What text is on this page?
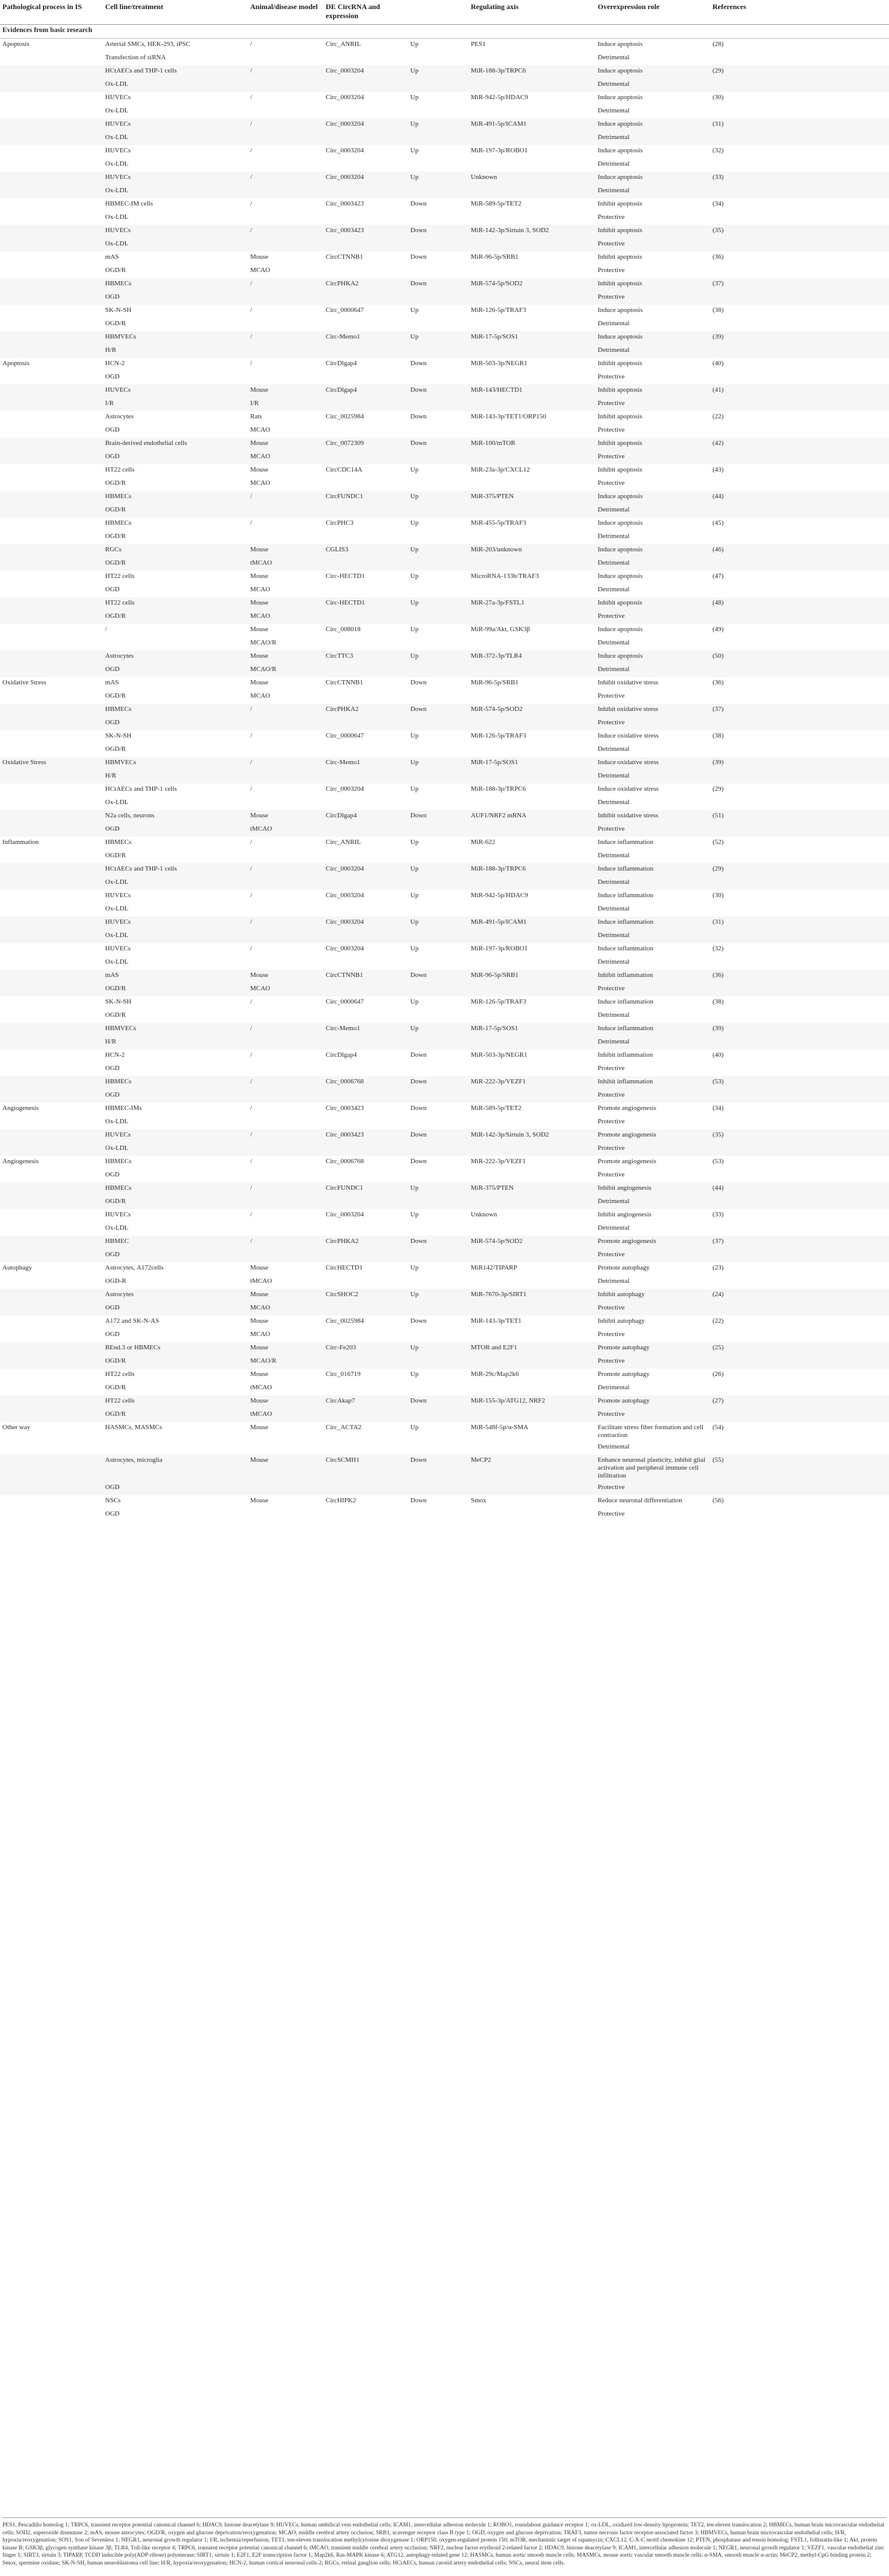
Pathological process in IS	Cell line/treatment	Animal/disease model	DE CircRNA and expression		Regulating axis	Overexpression role	References
Evidences from basic research							
Apoptosis	Arterial SMCs, HEK-293, iPSC	/	Circ_ANRIL	Up	PES1	Induce apoptosis	(28)
	Transfection of siRNA					Detrimental	
	HCtAECs and THP-1 cells	/	Circ_0003204	Up	MiR-188-3p/TRPC6	Induce apoptosis	(29)
	Ox-LDL					Detrimental	
	HUVECs	/	Circ_0003204	Up	MiR-942-5p/HDAC9	Induce apoptosis	(30)
	Ox-LDL					Detrimental	
	HUVECs	/	Circ_0003204	Up	MiR-491-5p/ICAM1	Induce apoptosis	(31)
	Ox-LDL					Detrimental	
	HUVECs	/	Circ_0003204	Up	MiR-197-3p/ROBO1	Induce apoptosis	(32)
	Ox-LDL					Detrimental	
	HUVECs	/	Circ_0003204	Up	Unknown	Induce apoptosis	(33)
	Ox-LDL					Detrimental	
	HBMEC-IM cells	/	Circ_0003423	Down	MiR-589-5p/TET2	Inhibit apoptosis	(34)
	Ox-LDL					Protective	
	HUVECs	/	Circ_0003423	Down	MiR-142-3p/Sirtuin 3, SOD2	Inhibit apoptosis	(35)
	Ox-LDL					Protective	
	mAS	Mouse	CircCTNNB1	Down	MiR-96-5p/SRB1	Inhibit apoptosis	(36)
	OGD/R	MCAO				Protective	
	HBMECs	/	CircPHKA2	Down	MiR-574-5p/SOD2	Inhibit apoptosis	(37)
	OGD					Protective	
	SK-N-SH	/	Circ_0000647	Up	MiR-126-5p/TRAF3	Induce apoptosis	(38)
	OGD/R					Detrimental	
	HBMVECs	/	Circ-Memo1	Up	MiR-17-5p/SOS1	Induce apoptosis	(39)
	H/R					Detrimental	
Apoptosis	HCN-2	/	CircDlgap4	Down	MiR-503-3p/NEGR1	Inhibit apoptosis	(40)
	OGD					Protective	
	HUVECs	Mouse	CircDlgap4	Down	MiR-143/HECTD1	Inhibit apoptosis	(41)
	I/R	I/R				Protective	
	Astrocytes	Rats	Circ_0025984	Down	MiR-143-3p/TET1/ORP150	Inhibit apoptosis	(22)
	OGD	MCAO				Protective	
	Brain-derived endothelial cells	Mouse	Circ_0072309	Down	MiR-100/mTOR	Inhibit apoptosis	(42)
	OGD	MCAO				Protective	
	HT22 cells	Mouse	CircCDC14A	Up	MiR-23a-3p/CXCL12	Inhibit apoptosis	(43)
	OGD/R	MCAO				Protective	
	HBMECs	/	CircFUNDC1	Up	MiR-375/PTEN	Induce apoptosis	(44)
	OGD/R					Detrimental	
	HBMECs	/	CircPHC3	Up	MiR-455-5p/TRAF3	Induce apoptosis	(45)
	OGD/R					Detrimental	
	RGCs	Mouse	CGLIS3	Up	MiR-203/unknown	Induce apoptosis	(46)
	OGD/R	tMCAO				Detrimental	
	HT22 cells	Mouse	Circ-HECTD1	Up	MicroRNA-133b/TRAF3	Induce apoptosis	(47)
	OGD	MCAO				Detrimental	
	HT22 cells	Mouse	Circ-HECTD1	Up	MiR-27a-3p/FSTL1	Inhibit apoptosis	(48)
	OGD/R	MCAO				Protective	
	/	Mouse	Circ_008018	Up	MiR-99a/Akt, GSK3β	Induce apoptosis	(49)
		MCAO/R				Detrimental	
	Astrocytes	Mouse	CircTTC3	Up	MiR-372-3p/TLR4	Induce apoptosis	(50)
	OGD	MCAO/R				Detrimental	
Oxidative Stress	mAS	Mouse	CircCTNNB1	Down	MiR-96-5p/SRB1	Inhibit oxidative stress	(36)
	OGD/R	MCAO				Protective	
	HBMECs	/	CircPHKA2	Down	MiR-574-5p/SOD2	Inhibit oxidative stress	(37)
	OGD					Protective	
	SK-N-SH	/	Circ_0000647	Up	MiR-126-5p/TRAF3	Induce oxidative stress	(38)
	OGD/R					Detrimental	
Oxidative Stress	HBMVECs	/	Circ-Memo1	Up	MiR-17-5p/SOS1	Induce oxidative stress	(39)
	H/R					Detrimental	
	HCtAECs and THP-1 cells	/	Circ_0003204	Up	MiR-188-3p/TRPC6	Induce oxidative stress	(29)
	Ox-LDL					Detrimental	
	N2a cells, neurons	Mouse	CircDlgap4	Down	AUF1/NRF2 mRNA	Inhibit oxidative stress	(51)
	OGD	tMCAO				Protective	
Inflammation	HBMECs	/	Circ_ANRIL	Up	MiR-622	Induce inflammation	(52)
	OGD/R					Detrimental	
	HCtAECs and THP-1 cells	/	Circ_0003204	Up	MiR-188-3p/TRPC6	Induce inflammation	(29)
	Ox-LDL					Detrimental	
	HUVECs	/	Circ_0003204	Up	MiR-942-5p/HDAC9	Induce inflammation	(30)
	Ox-LDL					Detrimental	
	HUVECs	/	Circ_0003204	Up	MiR-491-5p/ICAM1	Induce inflammation	(31)
	Ox-LDL					Detrimental	
	HUVECs	/	Circ_0003204	Up	MiR-197-3p/ROBO1	Induce inflammation	(32)
	Ox-LDL					Detrimental	
	mAS	Mouse	CircCTNNB1	Down	MiR-96-5p/SRB1	Inhibit inflammation	(36)
	OGD/R	MCAO				Protective	
	SK-N-SH	/	Circ_0000647	Up	MiR-126-5p/TRAF3	Induce inflammation	(38)
	OGD/R					Detrimental	
	HBMVECs	/	Circ-Memo1	Up	MiR-17-5p/SOS1	Induce inflammation	(39)
	H/R					Detrimental	
	HCN-2	/	CircDlgap4	Down	MiR-503-3p/NEGR1	Inhibit inflammation	(40)
	OGD					Protective	
	HBMECs	/	Circ_0006768	Down	MiR-222-3p/VEZF1	Inhibit inflammation	(53)
	OGD					Protective	
Angiogenesis	HBMEC-IMs	/	Circ_0003423	Down	MiR-589-5p/TET2	Promote angiogenesis	(34)
	Ox-LDL					Protective	
	HUVECs	/	Circ_0003423	Down	MiR-142-3p/Sirtuin 3, SOD2	Promote angiogenesis	(35)
	Ox-LDL					Protective	
Angiogenesis	HBMECs	/	Circ_0006768	Down	MiR-222-3p/VEZF1	Promote angiogenesis	(53)
	OGD					Protective	
	HBMECs	/	CircFUNDC1	Up	MiR-375/PTEN	Inhibit angiogenesis	(44)
	OGD/R					Detrimental	
	HUVECs	/	Circ_0003204	Up	Unknown	Inhibit angiogenesis	(33)
	Ox-LDL					Detrimental	
	HBMEC	/	CircPHKA2	Down	MiR-574-5p/SOD2	Promote angiogenesis	(37)
	OGD					Protective	
Autophagy	Astrocytes, A172cells	Mouse	CircHECTD1	Up	MiR142/TIPARP	Promote autophagy	(23)
	OGD-R	tMCAO				Detrimental	
	Astrocytes	Mouse	CircSHOC2	Up	MiR-7670-3p/SIRT1	Inhibit autophagy	(24)
	OGD	MCAO				Protective	
	A172 and SK-N-AS	Mouse	Circ_0025984	Down	MiR-143-3p/TET1	Inhibit autophagy	(22)
	OGD	MCAO				Protective	
	BEnd.3 or HBMECs	Mouse	Circ-Fe203	Up	MTOR and E2F1	Promote autophagy	(25)
	OGD/R	MCAO/R				Protective	
	HT22 cells	Mouse	Circ_016719	Up	MiR-29c/Map2k6	Promote autophagy	(26)
	OGD/R	tMCAO				Detrimental	
	HT22 cells	Mouse	CircAkap7	Down	MiR-155-3p/ATG12, NRF2	Promote autophagy	(27)
	OGD/R	tMCAO				Protective	
Other way	HASMCs, MASMCs	Mouse	Circ_ACTA2	Up	MiR-548f-5p/α-SMA	Facilitate stress fiber formation and cell contraction	(54)
						Detrimental	
	Astrocytes, microglia	Mouse	CircSCMH1	Down	MeCP2	Enhance neuronal plasticity, inhibit glial activation and peripheral immune cell infiltration	(55)
	OGD					Protective	
	NSCs	Mouse	CircHIPK2	Down	Smox	Reduce neuronal differentiation	(56)
	OGD					Protective	
PES1, Pescadillo homolog 1; TRPC6, transient receptor potential canonical channel 6; HDAC9, histone deacetylase 9; HUVECs, human umbilical vein endothelial cells; ICAM1, intercellular adhesion molecule 1; ROBO1, roundabout guidance receptor 1; ox-LDL, oxidized low-density lipoprotein; TET2, ten-eleven translocation 2; HBMECs, human brain microvascular endothelial cells; SOD2, superoxide dismutase 2; mAS, mouse astrocytes; OGD/R, oxygen and glucose deprivation/reoxygenation; MCAO, middle cerebral artery occlusion; SRB1, scavenger receptor class B type 1; OGD, oxygen and glucose deprivation; TRAF3, tumor necrosis factor receptor-associated factor 3; HBMVECs, human brain microvascular endothelial cells; H/R, hypoxia/reoxygenation; SOS1, Son of Sevenless 1; NEGR1, neuronal growth regulator 1; I/R, ischemia/reperfusion; TET1, ten-eleven translocation methylcytosine dioxygenase 1; ORP150, oxygen-regulated protein 150; mTOR, mechanistic target of rapamycin; CXCL12, C-X-C motif chemokine 12; PTEN, phosphatase and tensin homolog; FSTL1, follistatin-like 1; Akt, protein kinase B; GSK3β, glycogen synthase kinase 3β; TLR4, Toll-like receptor 4; TRPC6, transient receptor potential canonical channel 6; tMCAO, transient middle cerebral artery occlusion; NRF2, nuclear factor erythroid 2-related factor 2; HDAC9, histone deacetylase 9; ICAM1, intercellular adhesion molecule 1; NEGR1, neuronal growth regulator 1; VEZF1, vascular endothelial zinc finger 1; SIRT3, sirtuin 3; TIPARP, TCDD inducible poly(ADP-ribose) polymerase; SIRT1, sirtuin 1; E2F1, E2F transcription factor 1; Map2k6, Ras-MAPK kinase 6; ATG12, autophagy-related gene 12; HASMCs, human aortic smooth muscle cells; MASMCs, mouse aortic vascular smooth muscle cells; α-SMA, smooth muscle α-actin; MeCP2, methyl-CpG binding protein 2; Smox, spermine oxidase; SK-N-SH, human neuroblastoma cell line; H/R, hypoxia/reoxygenation; HCN-2, human cortical neuronal cells-2; RGCs, retinal ganglion cells; HCtAECs, human carotid artery endothelial cells; NSCs, neural stem cells.
